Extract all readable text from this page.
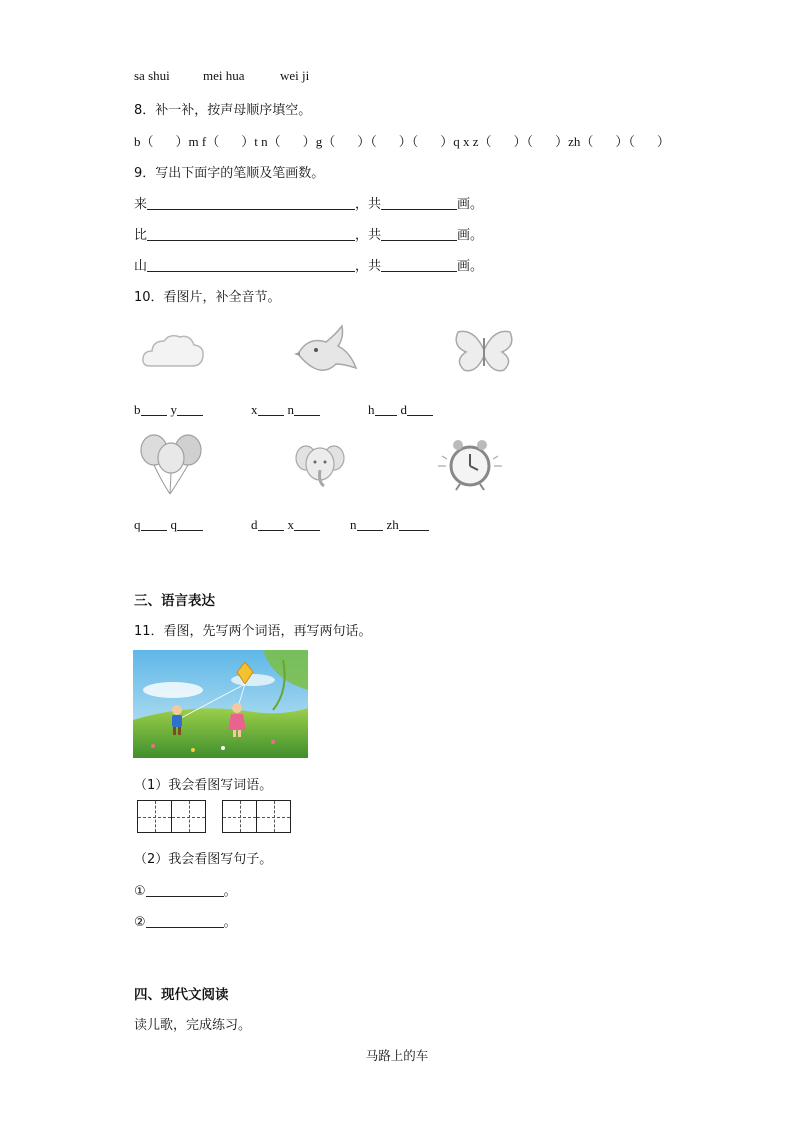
sa shui	mei hua	wei ji
8．补一补，按声母顺序填空。
b（ ）m f（ ）t n（ ）g（ ）（ ）（ ）q x z（ ）（ ）zh（ ）（ ）
9．写出下面字的笔顺及笔画数。
来	，共	画。
比	，共	画。
山	，共	画。
10．看图片，补全音节。
b y	x n	h d
q q	d x	n zh
三、语言表达
11．看图，先写两个词语，再写两句话。
（1）我会看图写词语。
（2）我会看图写句子。
①	。
②	。
四、现代文阅读
读儿歌，完成练习。
马路上的车
